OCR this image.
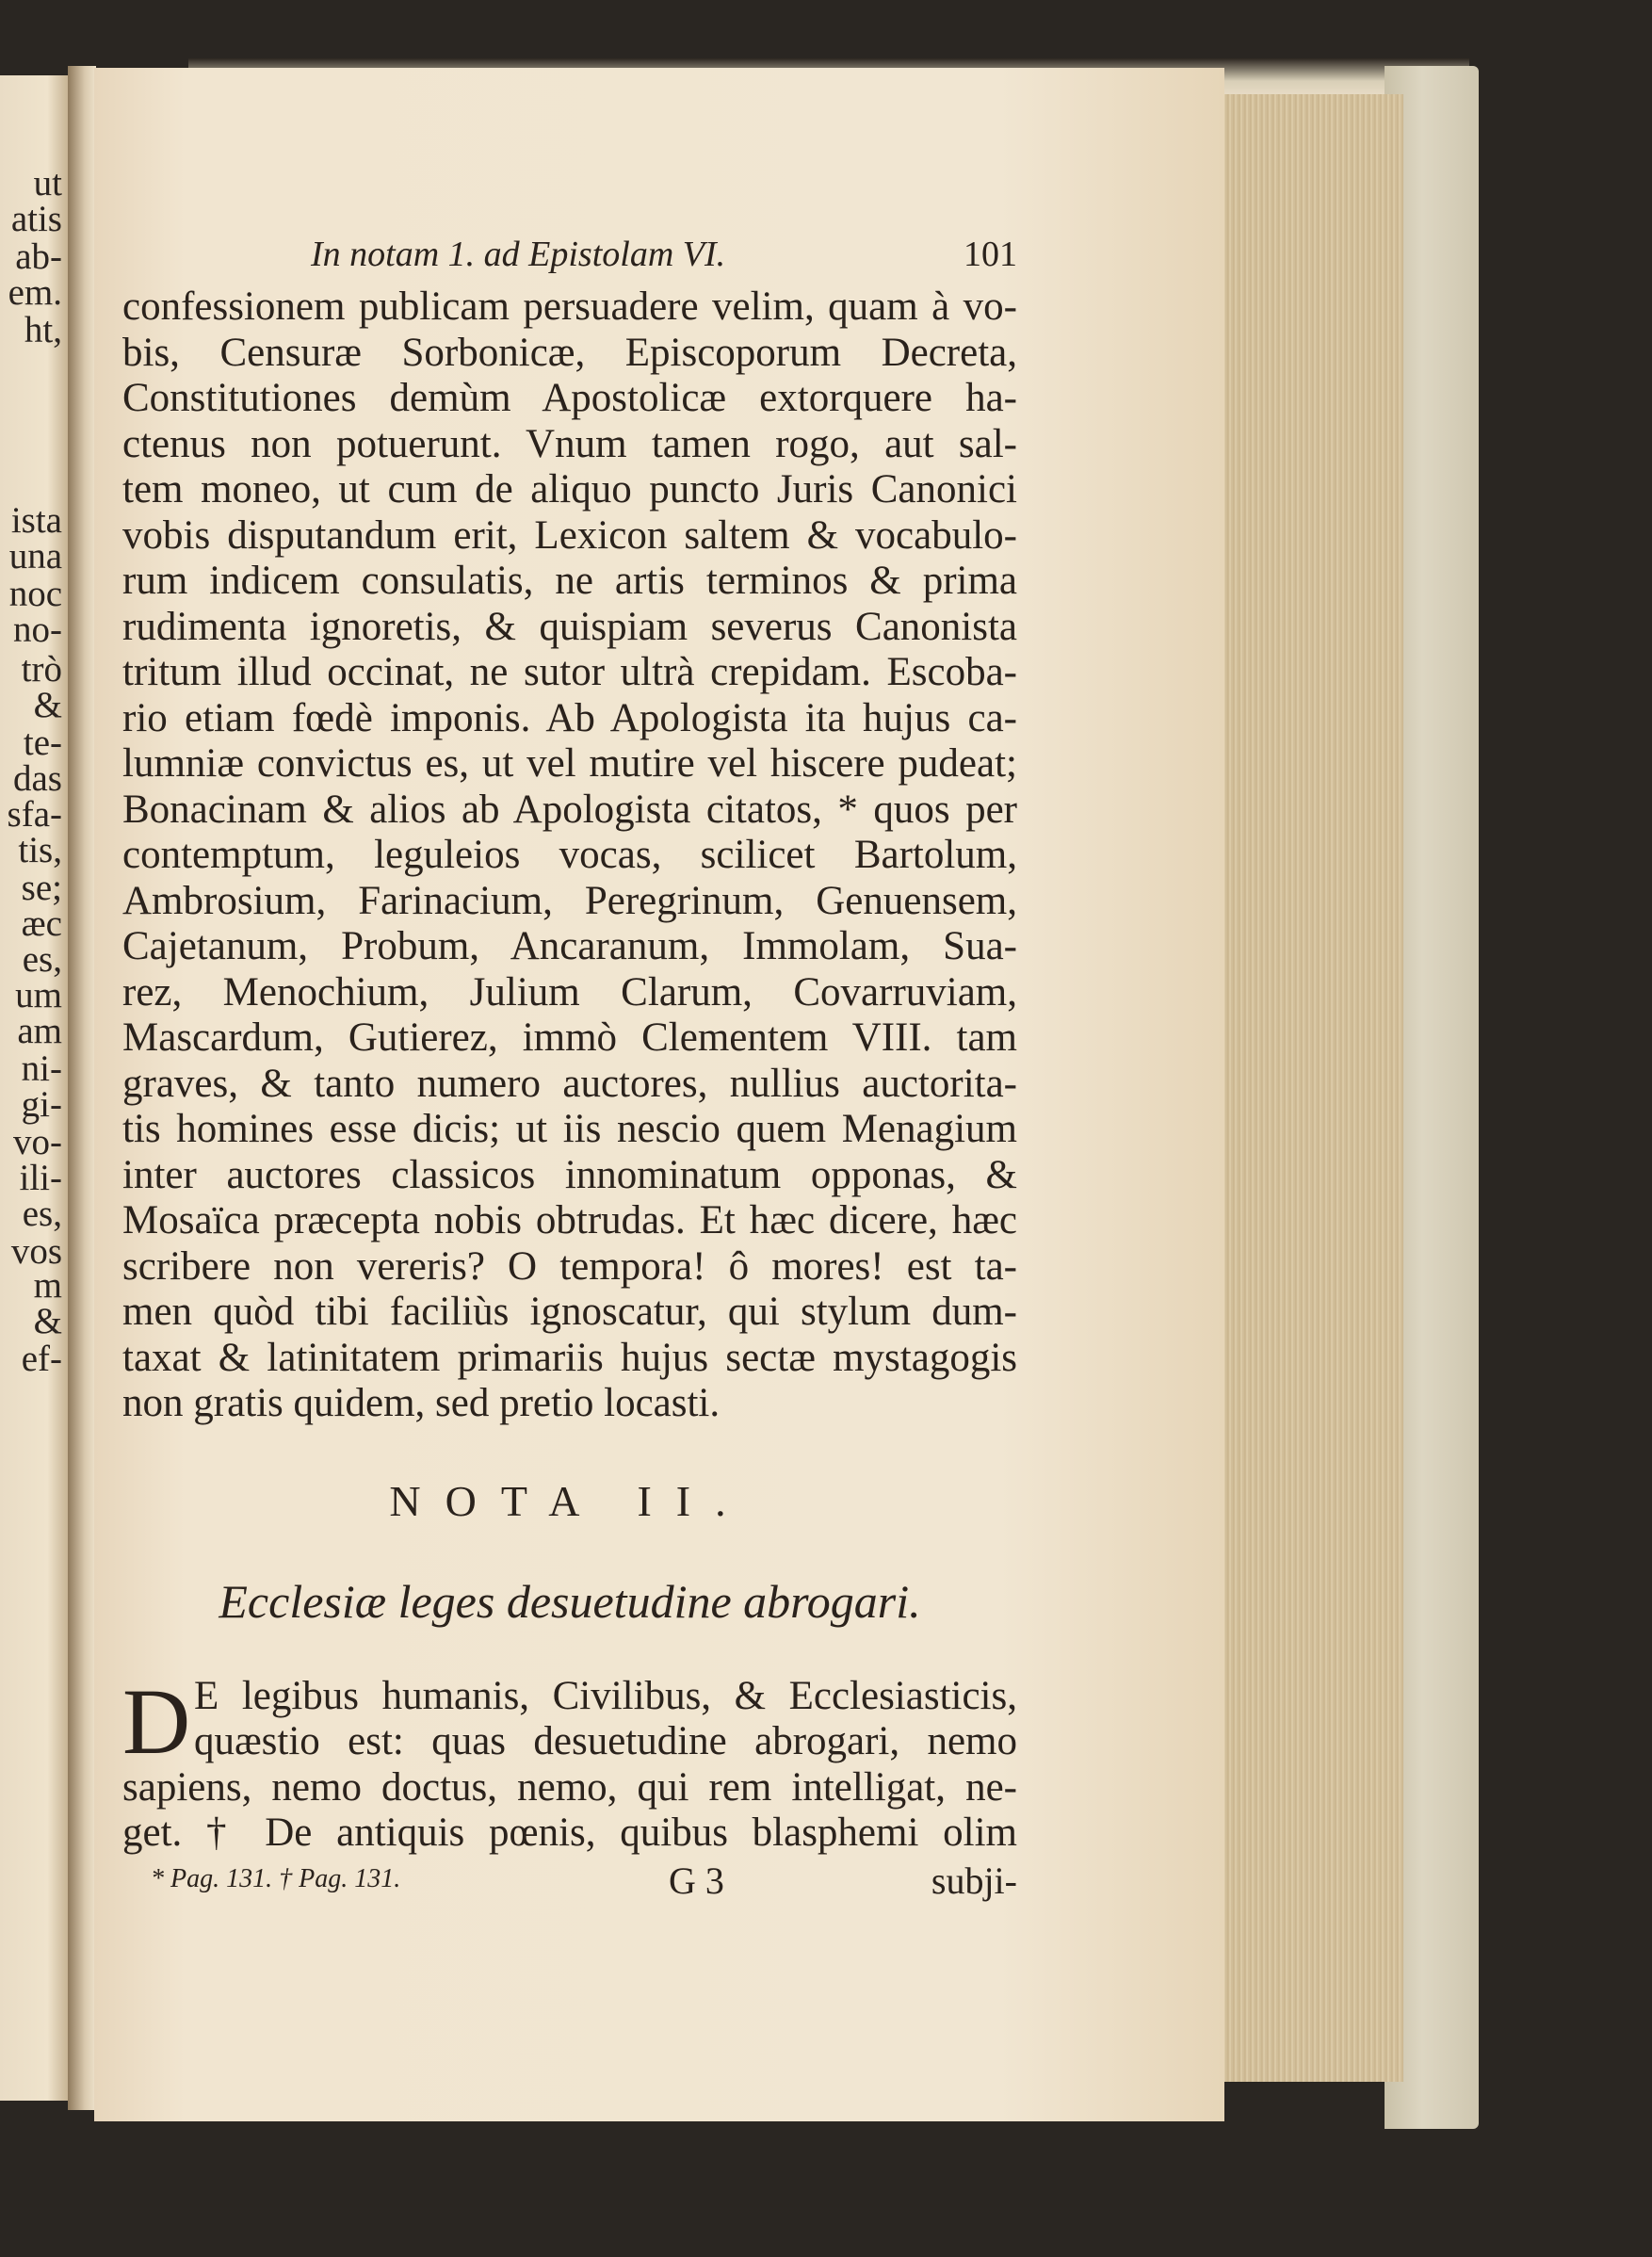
ut
atis
ab-
em.
ht,
ista
una
noc
no-
trò
&
te-
das
sfa-
tis,
se;
æc
es,
um
am
ni-
gi-
vo-
ili-
es,
vos
m
&
ef-
In notam 1. ad Epistolam VI.	101
confessionem publicam persuadere velim, quam à vo-
bis, Censuræ Sorbonicæ, Episcoporum Decreta,
Constitutiones demùm Apostolicæ extorquere ha-
ctenus non potuerunt. Vnum tamen rogo, aut sal-
tem moneo, ut cum de aliquo puncto Juris Canonici
vobis disputandum erit, Lexicon saltem & vocabulo-
rum indicem consulatis, ne artis terminos & prima
rudimenta ignoretis, & quispiam severus Canonista
tritum illud occinat, ne sutor ultrà crepidam. Escoba-
rio etiam fœdè imponis. Ab Apologista ita hujus ca-
lumniæ convictus es, ut vel mutire vel hiscere pudeat;
Bonacinam & alios ab Apologista citatos, * quos per
contemptum, leguleios vocas, scilicet Bartolum,
Ambrosium, Farinacium, Peregrinum, Genuensem,
Cajetanum, Probum, Ancaranum, Immolam, Sua-
rez, Menochium, Julium Clarum, Covarruviam,
Mascardum, Gutierez, immò Clementem VIII. tam
graves, & tanto numero auctores, nullius auctorita-
tis homines esse dicis; ut iis nescio quem Menagium
inter auctores classicos innominatum opponas, &
Mosaïca præcepta nobis obtrudas. Et hæc dicere, hæc
scribere non vereris? O tempora! ô mores! est ta-
men quòd tibi faciliùs ignoscatur, qui stylum dum-
taxat & latinitatem primariis hujus sectæ mystagogis
non gratis quidem, sed pretio locasti.
NOTA II.
Ecclesiæ leges desuetudine abrogari.
D E legibus humanis, Civilibus, & Ecclesiasticis,
quæstio est: quas desuetudine abrogari, nemo
sapiens, nemo doctus, nemo, qui rem intelligat, ne-
get. † De antiquis pœnis, quibus blasphemi olim
* Pag. 131. † Pag. 131.	G 3	subji-
